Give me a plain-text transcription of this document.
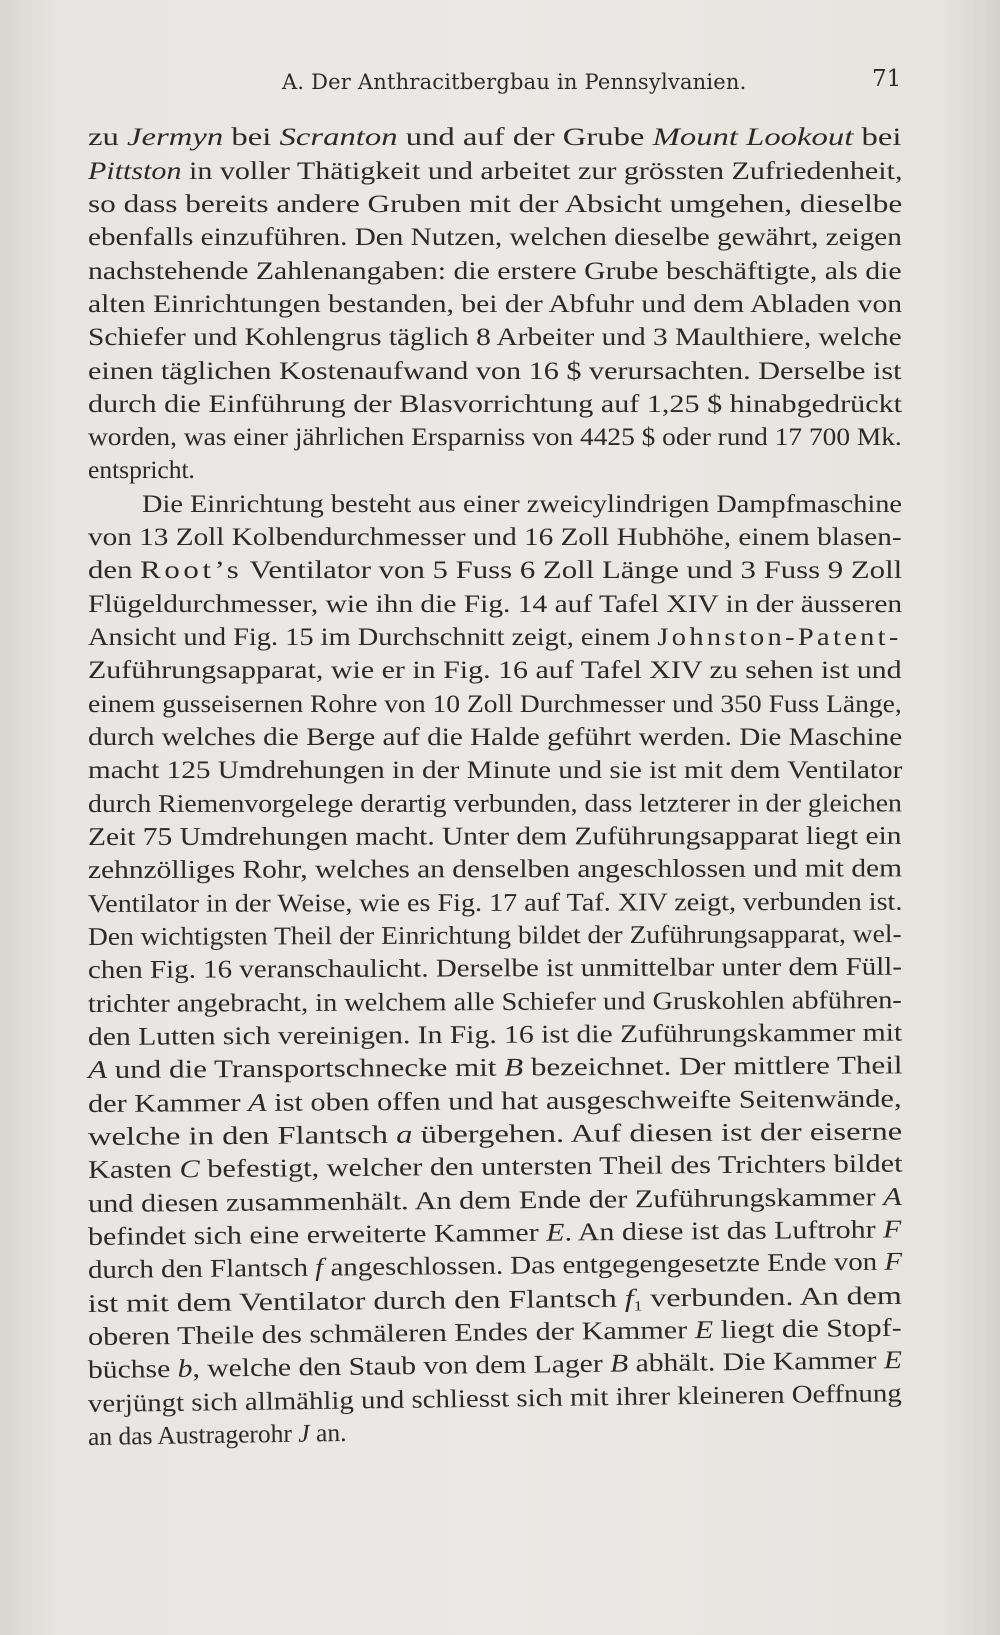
A. Der Anthracitbergbau in Pennsylvanien.	71
zu Jermyn bei Scranton und auf der Grube Mount Lookout bei
Pittston in voller Thätigkeit und arbeitet zur grössten Zufriedenheit,
so dass bereits andere Gruben mit der Absicht umgehen, dieselbe
ebenfalls einzuführen. Den Nutzen, welchen dieselbe gewährt, zeigen
nachstehende Zahlenangaben: die erstere Grube beschäftigte, als die
alten Einrichtungen bestanden, bei der Abfuhr und dem Abladen von
Schiefer und Kohlengrus täglich 8 Arbeiter und 3 Maulthiere, welche
einen täglichen Kostenaufwand von 16 $ verursachten. Derselbe ist
durch die Einführung der Blasvorrichtung auf 1,25 $ hinabgedrückt
worden, was einer jährlichen Ersparniss von 4425 $ oder rund 17 700 Mk.
entspricht.
Die Einrichtung besteht aus einer zweicylindrigen Dampfmaschine
von 13 Zoll Kolbendurchmesser und 16 Zoll Hubhöhe, einem blasen-
den Root’s Ventilator von 5 Fuss 6 Zoll Länge und 3 Fuss 9 Zoll
Flügeldurchmesser, wie ihn die Fig. 14 auf Tafel XIV in der äusseren
Ansicht und Fig. 15 im Durchschnitt zeigt, einem Johnston-Patent-
Zuführungsapparat, wie er in Fig. 16 auf Tafel XIV zu sehen ist und
einem gusseisernen Rohre von 10 Zoll Durchmesser und 350 Fuss Länge,
durch welches die Berge auf die Halde geführt werden. Die Maschine
macht 125 Umdrehungen in der Minute und sie ist mit dem Ventilator
durch Riemenvorgelege derartig verbunden, dass letzterer in der gleichen
Zeit 75 Umdrehungen macht. Unter dem Zuführungsapparat liegt ein
zehnzölliges Rohr, welches an denselben angeschlossen und mit dem
Ventilator in der Weise, wie es Fig. 17 auf Taf. XIV zeigt, verbunden ist.
Den wichtigsten Theil der Einrichtung bildet der Zuführungsapparat, wel-
chen Fig. 16 veranschaulicht. Derselbe ist unmittelbar unter dem Füll-
trichter angebracht, in welchem alle Schiefer und Gruskohlen abführen-
den Lutten sich vereinigen. In Fig. 16 ist die Zuführungskammer mit
A und die Transportschnecke mit B bezeichnet. Der mittlere Theil
der Kammer A ist oben offen und hat ausgeschweifte Seitenwände,
welche in den Flantsch a übergehen. Auf diesen ist der eiserne
Kasten C befestigt, welcher den untersten Theil des Trichters bildet
und diesen zusammenhält. An dem Ende der Zuführungskammer A
befindet sich eine erweiterte Kammer E. An diese ist das Luftrohr F
durch den Flantsch f angeschlossen. Das entgegengesetzte Ende von F
ist mit dem Ventilator durch den Flantsch $f_1$ verbunden. An dem
oberen Theile des schmäleren Endes der Kammer E liegt die Stopf-
büchse b, welche den Staub von dem Lager B abhält. Die Kammer E
verjüngt sich allmählig und schliesst sich mit ihrer kleineren Oeffnung
an das Austragerohr J an.
